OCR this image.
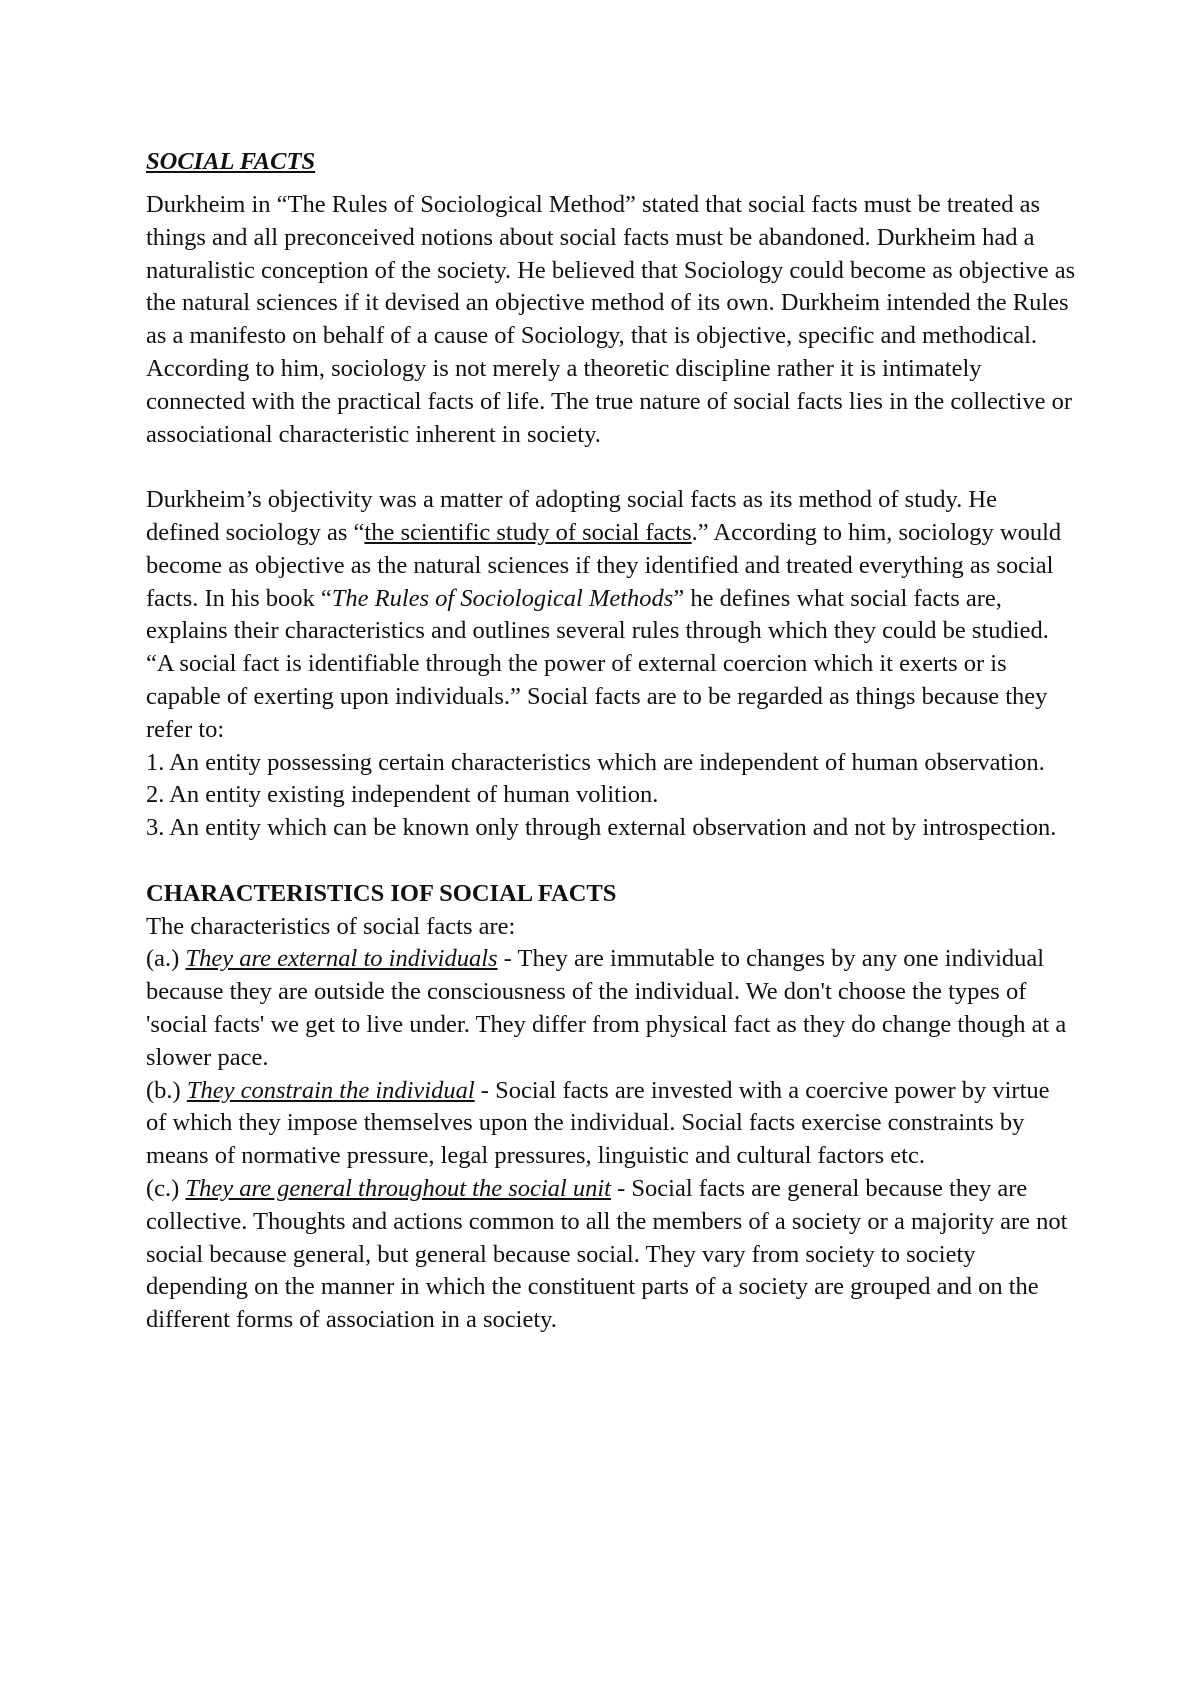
SOCIAL FACTS

Durkheim in “The Rules of Sociological Method” stated that social facts must be treated as things and all preconceived notions about social facts must be abandoned. Durkheim had a naturalistic conception of the society. He believed that Sociology could become as objective as the natural sciences if it devised an objective method of its own. Durkheim intended the Rules as a manifesto on behalf of a cause of Sociology, that is objective, specific and methodical. According to him, sociology is not merely a theoretic discipline rather it is intimately connected with the practical facts of life. The true nature of social facts lies in the collective or associational characteristic inherent in society.

Durkheim’s objectivity was a matter of adopting social facts as its method of study. He defined sociology as “the scientific study of social facts.” According to him, sociology would become as objective as the natural sciences if they identified and treated everything as social facts. In his book “The Rules of Sociological Methods” he defines what social facts are, explains their characteristics and outlines several rules through which they could be studied. “A social fact is identifiable through the power of external coercion which it exerts or is capable of exerting upon individuals.” Social facts are to be regarded as things because they refer to:

1. An entity possessing certain characteristics which are independent of human observation.

2. An entity existing independent of human volition.

3. An entity which can be known only through external observation and not by introspection.

CHARACTERISTICS IOF SOCIAL FACTS

The characteristics of social facts are:

(a.) They are external to individuals - They are immutable to changes by any one individual because they are outside the consciousness of the individual. We don't choose the types of 'social facts' we get to live under. They differ from physical fact as they do change though at a slower pace.

(b.) They constrain the individual - Social facts are invested with a coercive power by virtue of which they impose themselves upon the individual. Social facts exercise constraints by means of normative pressure, legal pressures, linguistic and cultural factors etc.

(c.) They are general throughout the social unit - Social facts are general because they are collective. Thoughts and actions common to all the members of a society or a majority are not social because general, but general because social. They vary from society to society depending on the manner in which the constituent parts of a society are grouped and on the different forms of association in a society.
